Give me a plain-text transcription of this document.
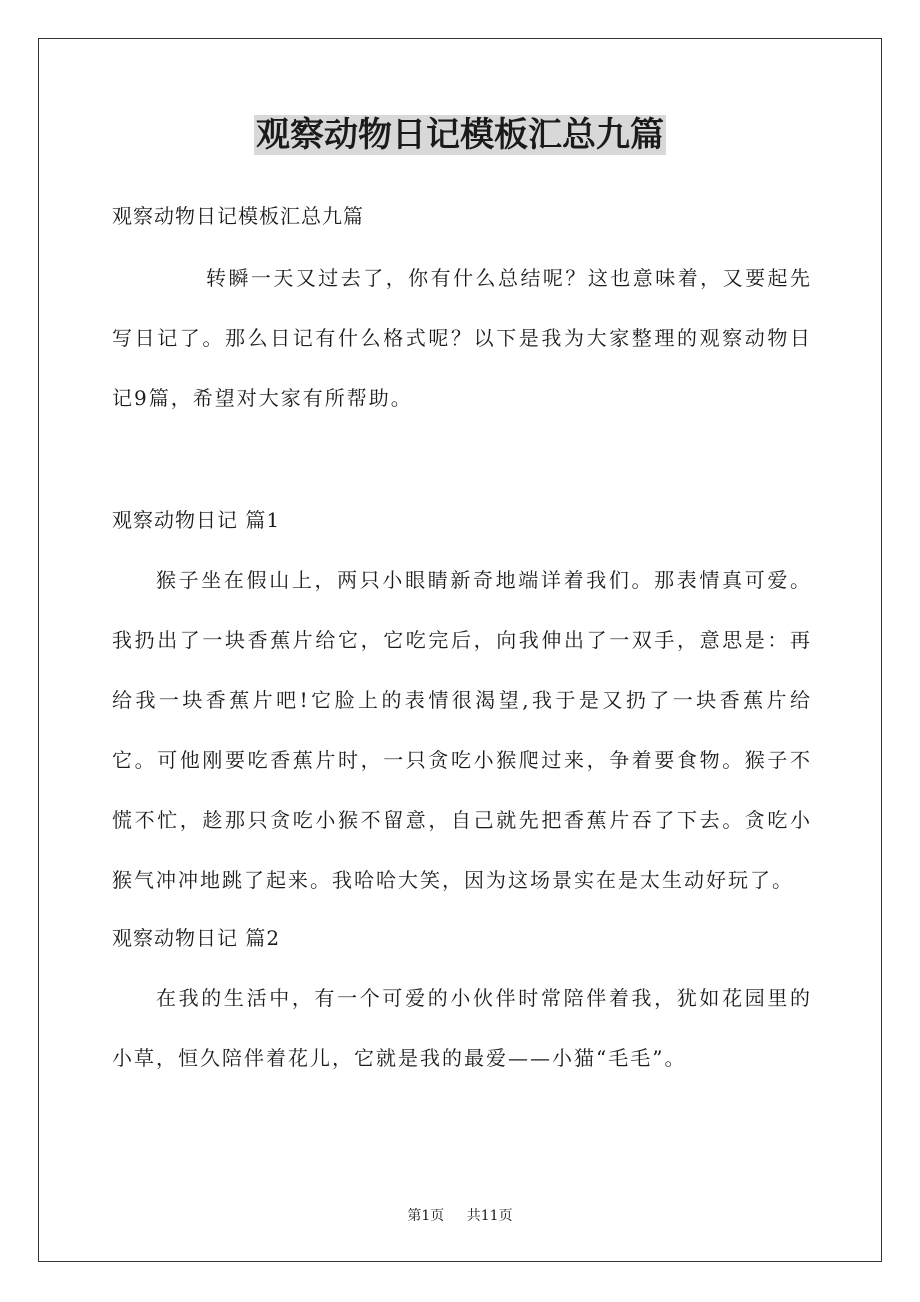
观察动物日记模板汇总九篇

观察动物日记模板汇总九篇

转瞬一天又过去了，你有什么总结呢？这也意味着，又要起先写日记了。那么日记有什么格式呢？以下是我为大家整理的观察动物日记9篇，希望对大家有所帮助。

观察动物日记 篇1

猴子坐在假山上，两只小眼睛新奇地端详着我们。那表情真可爱。我扔出了一块香蕉片给它，它吃完后，向我伸出了一双手，意思是：再给我一块香蕉片吧!它脸上的表情很渴望,我于是又扔了一块香蕉片给它。可他刚要吃香蕉片时，一只贪吃小猴爬过来，争着要食物。猴子不慌不忙，趁那只贪吃小猴不留意，自己就先把香蕉片吞了下去。贪吃小猴气冲冲地跳了起来。我哈哈大笑，因为这场景实在是太生动好玩了。

观察动物日记 篇2

在我的生活中，有一个可爱的小伙伴时常陪伴着我，犹如花园里的小草，恒久陪伴着花儿，它就是我的最爱——小猫“毛毛”。

第1页 共11页
